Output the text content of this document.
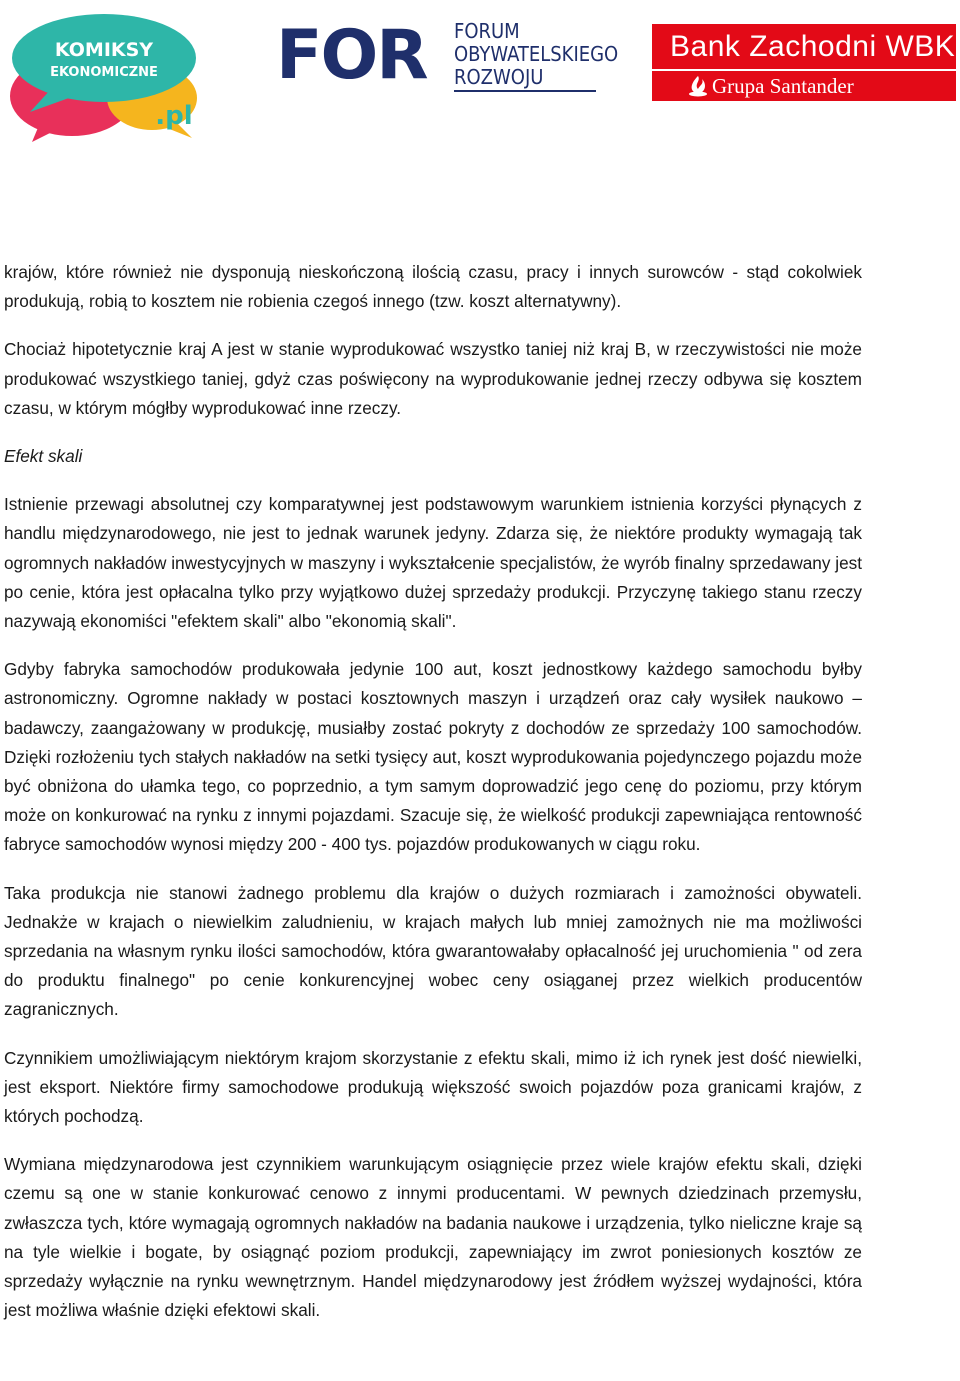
KOMIKSY
EKONOMICZNE
.pl
FOR FORUM
OBYWATELSKIEGO
ROZWOJU
Bank Zachodni WBK
Grupa Santander

krajów, które również nie dysponują nieskończoną ilością czasu, pracy i innych surowców - stąd cokolwiek produkują, robią to kosztem nie robienia czegoś innego (tzw. koszt alternatywny).

Chociaż hipotetycznie kraj A jest w stanie wyprodukować wszystko taniej niż kraj B, w rzeczywistości nie może produkować wszystkiego taniej, gdyż czas poświęcony na wyprodukowanie jednej rzeczy odbywa się kosztem czasu, w którym mógłby wyprodukować inne rzeczy.

Efekt skali

Istnienie przewagi absolutnej czy komparatywnej jest podstawowym warunkiem istnienia korzyści płynących z handlu międzynarodowego, nie jest to jednak warunek jedyny. Zdarza się, że niektóre produkty wymagają tak ogromnych nakładów inwestycyjnych w maszyny i wykształcenie specjalistów, że wyrób finalny sprzedawany jest po cenie, która jest opłacalna tylko przy wyjątkowo dużej sprzedaży produkcji. Przyczynę takiego stanu rzeczy nazywają ekonomiści "efektem skali" albo "ekonomią skali".

Gdyby fabryka samochodów produkowała jedynie 100 aut, koszt jednostkowy każdego samochodu byłby astronomiczny. Ogromne nakłady w postaci kosztownych maszyn i urządzeń oraz cały wysiłek naukowo – badawczy, zaangażowany w produkcję, musiałby zostać pokryty z dochodów ze sprzedaży 100 samochodów. Dzięki rozłożeniu tych stałych nakładów na setki tysięcy aut, koszt wyprodukowania pojedynczego pojazdu może być obniżona do ułamka tego, co poprzednio, a tym samym doprowadzić jego cenę do poziomu, przy którym może on konkurować na rynku z innymi pojazdami. Szacuje się, że wielkość produkcji zapewniająca rentowność fabryce samochodów wynosi między 200 - 400 tys. pojazdów produkowanych w ciągu roku.

Taka produkcja nie stanowi żadnego problemu dla krajów o dużych rozmiarach i zamożności obywateli. Jednakże w krajach o niewielkim zaludnieniu, w krajach małych lub mniej zamożnych nie ma możliwości sprzedania na własnym rynku ilości samochodów, która gwarantowałaby opłacalność jej uruchomienia " od zera do produktu finalnego" po cenie konkurencyjnej wobec ceny osiąganej przez wielkich producentów zagranicznych.

Czynnikiem umożliwiającym niektórym krajom skorzystanie z efektu skali, mimo iż ich rynek jest dość niewielki, jest eksport. Niektóre firmy samochodowe produkują większość swoich pojazdów poza granicami krajów, z których pochodzą.

Wymiana międzynarodowa jest czynnikiem warunkującym osiągnięcie przez wiele krajów efektu skali, dzięki czemu są one w stanie konkurować cenowo z innymi producentami. W pewnych dziedzinach przemysłu, zwłaszcza tych, które wymagają ogromnych nakładów na badania naukowe i urządzenia, tylko nieliczne kraje są na tyle wielkie i bogate, by osiągnąć poziom produkcji, zapewniający im zwrot poniesionych kosztów ze sprzedaży wyłącznie na rynku wewnętrznym. Handel międzynarodowy jest źródłem wyższej wydajności, która jest możliwa właśnie dzięki efektowi skali.
